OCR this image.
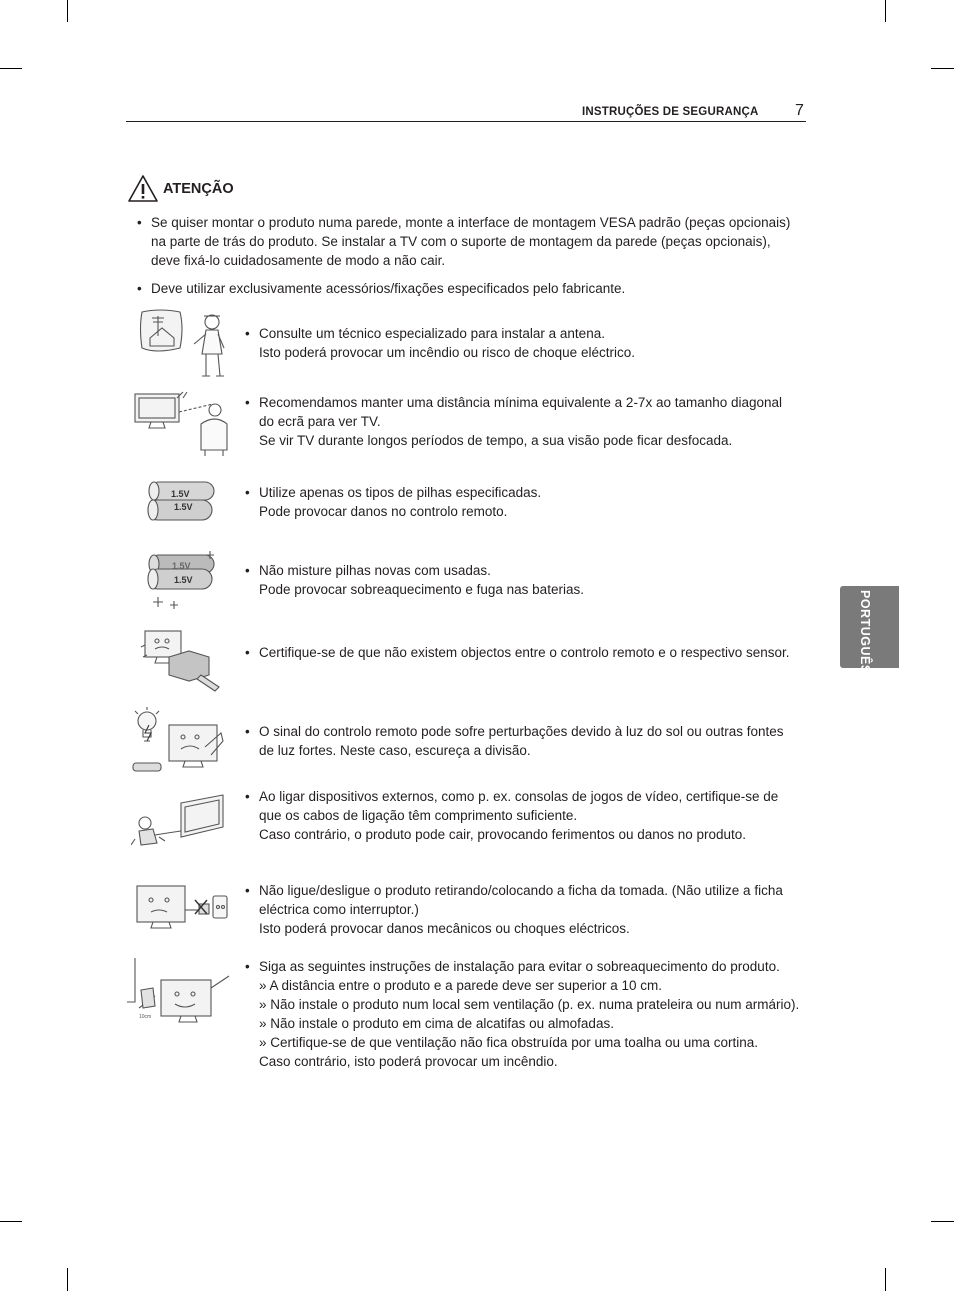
INSTRUÇÕES DE SEGURANÇA 7
PORTUGUÊS
ATENÇÃO
• Se quiser montar o produto numa parede, monte a interface de montagem VESA padrão (peças opcionais) na parte de trás do produto. Se instalar a TV com o suporte de montagem da parede (peças opcionais), deve fixá-lo cuidadosamente de modo a não cair.
• Deve utilizar exclusivamente acessórios/fixações especificados pelo fabricante.
1.5V
1.5V
1.5V
1.5V
10cm
• Consulte um técnico especializado para instalar a antena.
Isto poderá provocar um incêndio ou risco de choque eléctrico.
• Recomendamos manter uma distância mínima equivalente a 2-7x ao tamanho diagonal do ecrã para ver TV.
Se vir TV durante longos períodos de tempo, a sua visão pode ficar desfocada.
• Utilize apenas os tipos de pilhas especificadas.
Pode provocar danos no controlo remoto.
• Não misture pilhas novas com usadas.
Pode provocar sobreaquecimento e fuga nas baterias.
• Certifique-se de que não existem objectos entre o controlo remoto e o respectivo sensor.
• O sinal do controlo remoto pode sofre perturbações devido à luz do sol ou outras fontes de luz fortes. Neste caso, escureça a divisão.
• Ao ligar dispositivos externos, como p. ex. consolas de jogos de vídeo, certifique-se de que os cabos de ligação têm comprimento suficiente.
Caso contrário, o produto pode cair, provocando ferimentos ou danos no produto.
• Não ligue/desligue o produto retirando/colocando a ficha da tomada. (Não utilize a ficha eléctrica como interruptor.)
Isto poderá provocar danos mecânicos ou choques eléctricos.
• Siga as seguintes instruções de instalação para evitar o sobreaquecimento do produto.
» A distância entre o produto e a parede deve ser superior a 10 cm.
» Não instale o produto num local sem ventilação (p. ex. numa prateleira ou num armário).
» Não instale o produto em cima de alcatifas ou almofadas.
» Certifique-se de que ventilação não fica obstruída por uma toalha ou uma cortina.
Caso contrário, isto poderá provocar um incêndio.
